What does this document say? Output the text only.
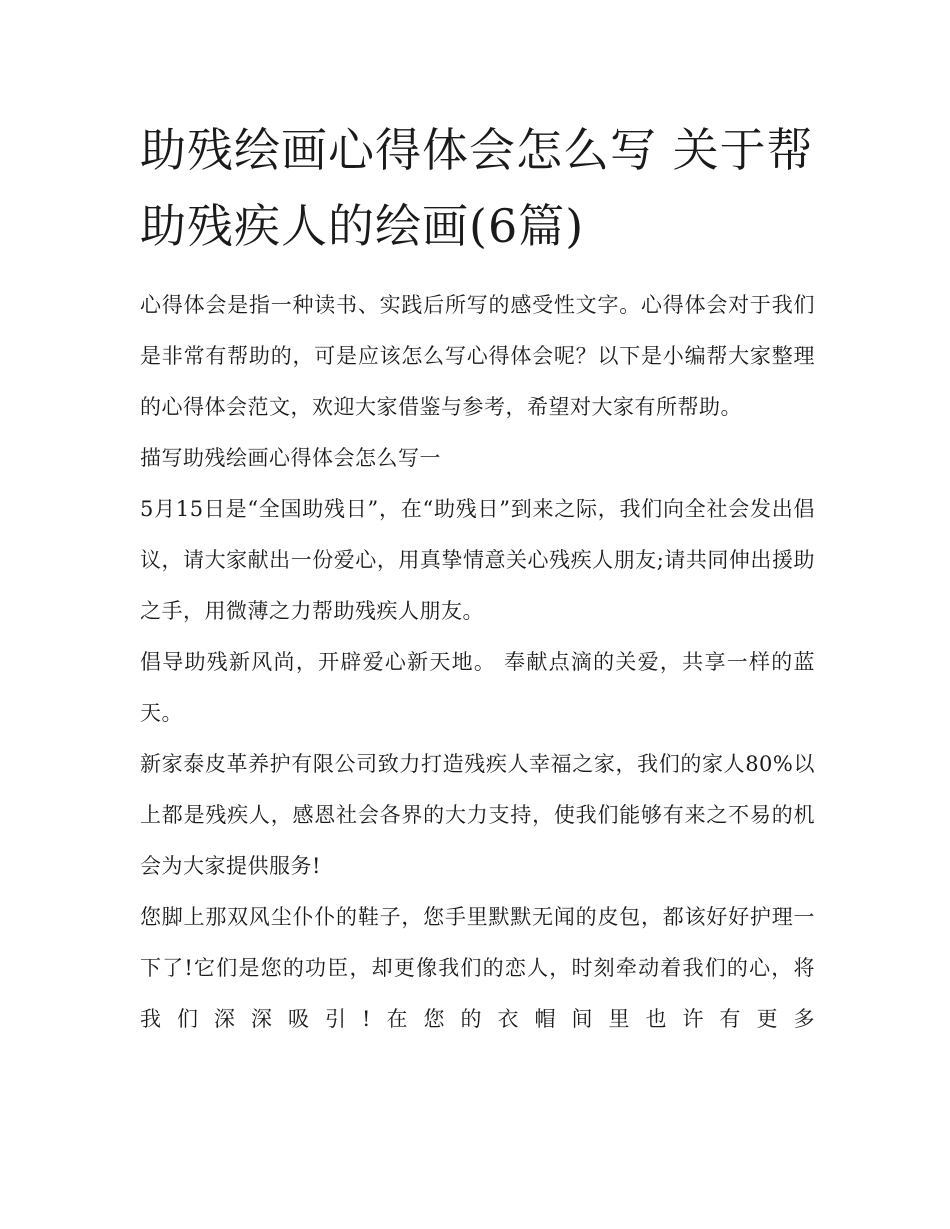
助残绘画心得体会怎么写 关于帮助残疾人的绘画(6篇)

心得体会是指一种读书、实践后所写的感受性文字。心得体会对于我们是非常有帮助的，可是应该怎么写心得体会呢？以下是小编帮大家整理的心得体会范文，欢迎大家借鉴与参考，希望对大家有所帮助。

描写助残绘画心得体会怎么写一

5月15日是“全国助残日”，在“助残日”到来之际，我们向全社会发出倡议，请大家献出一份爱心，用真挚情意关心残疾人朋友;请共同伸出援助之手，用微薄之力帮助残疾人朋友。

倡导助残新风尚，开辟爱心新天地。 奉献点滴的关爱，共享一样的蓝天。

新家泰皮革养护有限公司致力打造残疾人幸福之家，我们的家人80%以上都是残疾人，感恩社会各界的大力支持，使我们能够有来之不易的机会为大家提供服务!

您脚上那双风尘仆仆的鞋子，您手里默默无闻的皮包，都该好好护理一下了!它们是您的功臣，却更像我们的恋人，时刻牵动着我们的心，将我们深深吸引!在您的衣帽间里也许有更多
